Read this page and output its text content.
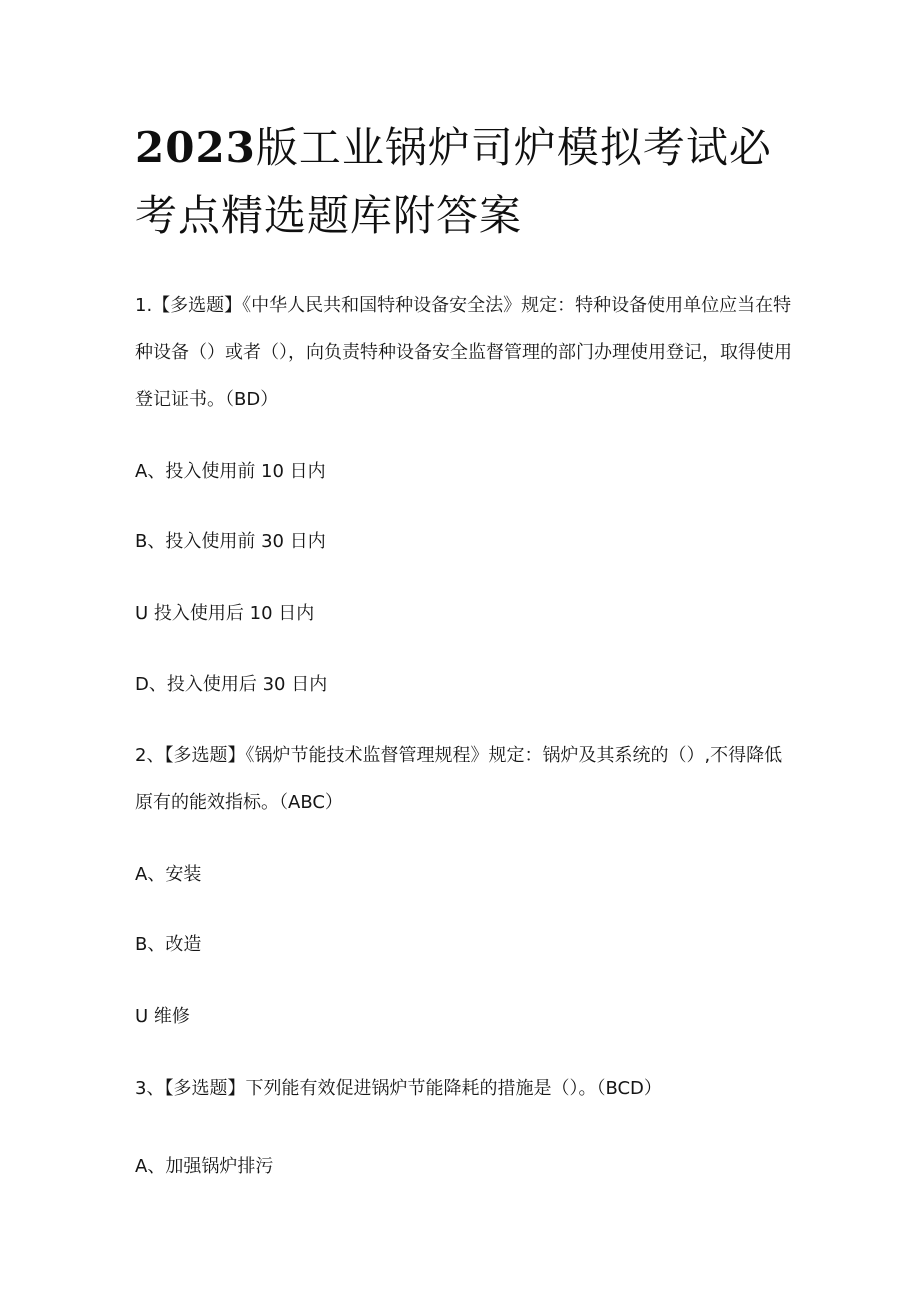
2023版工业锅炉司炉模拟考试必考点精选题库附答案

1.【多选题】《中华人民共和国特种设备安全法》规定：特种设备使用单位应当在特种设备（）或者（），向负责特种设备安全监督管理的部门办理使用登记，取得使用登记证书。（BD）

A、投入使用前 10 日内

B、投入使用前 30 日内

U 投入使用后 10 日内

D、投入使用后 30 日内

2、【多选题】《锅炉节能技术监督管理规程》规定：锅炉及其系统的（）,不得降低原有的能效指标。（ABC）

A、安装

B、改造

U 维修

3、【多选题】下列能有效促进锅炉节能降耗的措施是（）。（BCD）

A、加强锅炉排污
